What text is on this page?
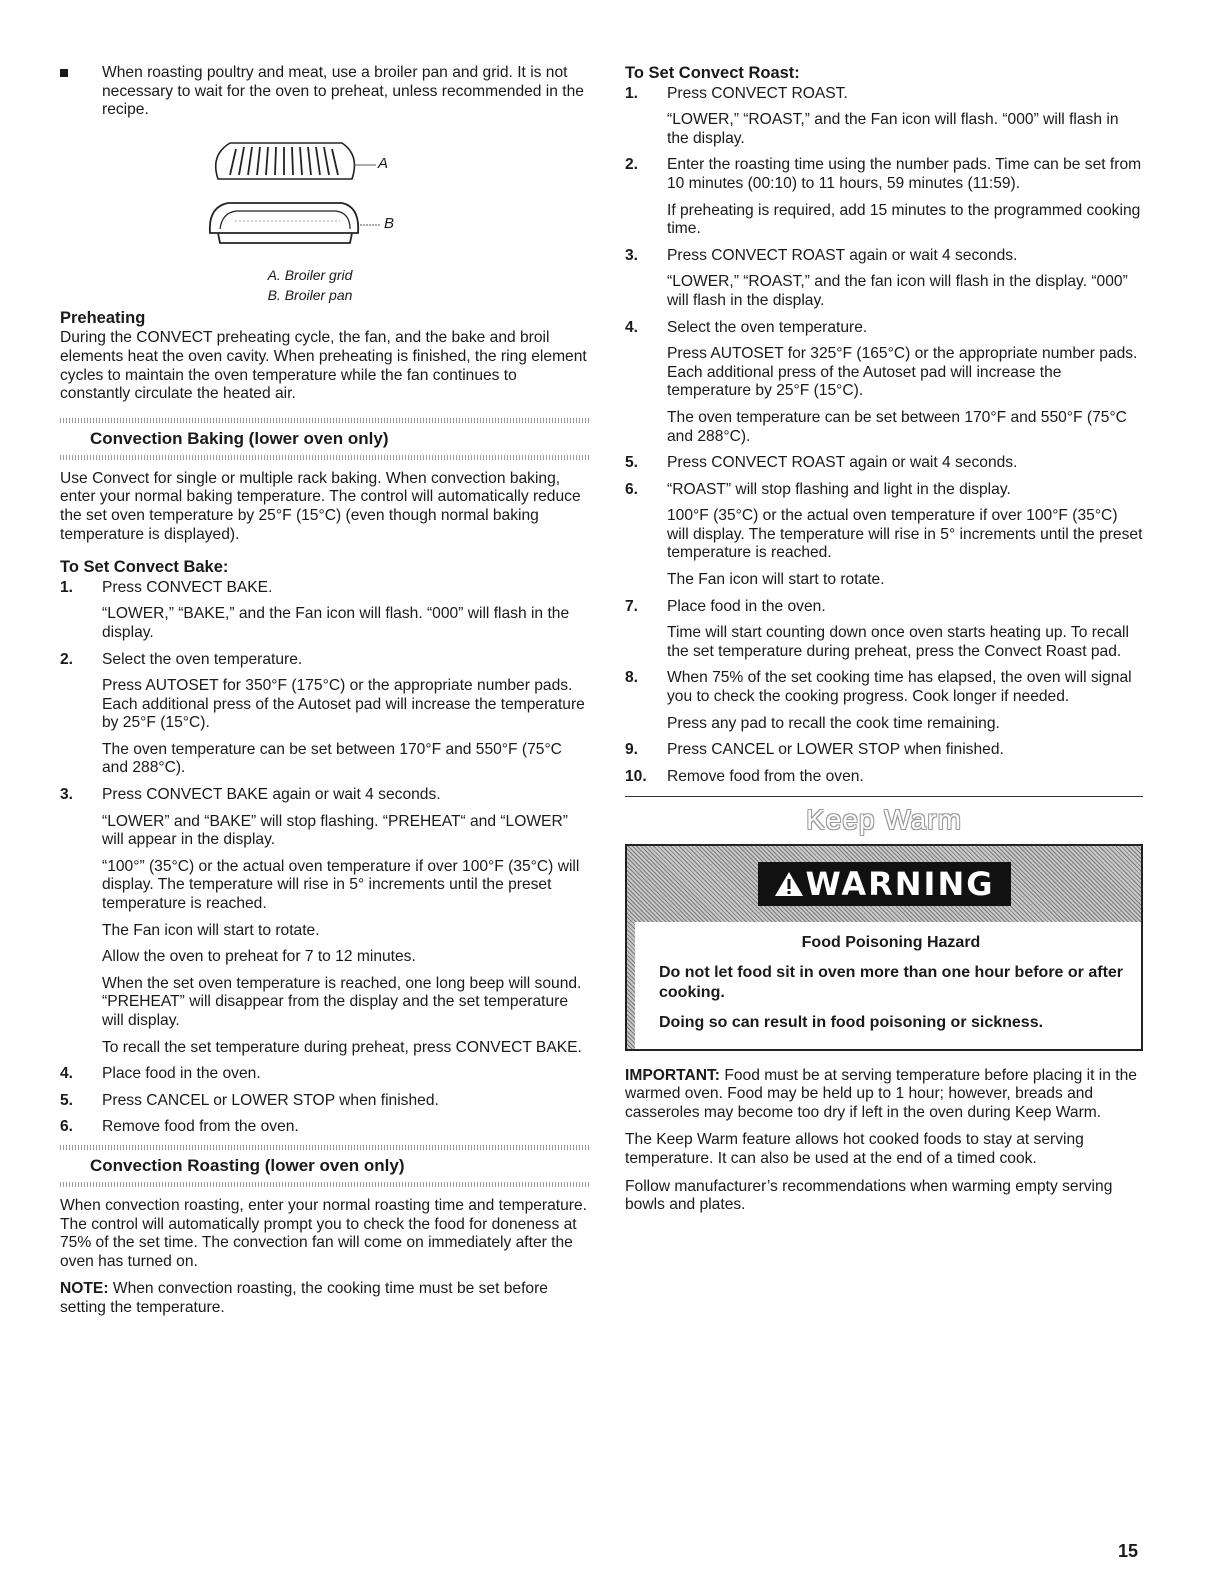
When roasting poultry and meat, use a broiler pan and grid. It is not necessary to wait for the oven to preheat, unless recommended in the recipe.

A
B

A. Broiler grid

B. Broiler pan

Preheating

During the CONVECT preheating cycle, the fan, and the bake and broil elements heat the oven cavity. When preheating is finished, the ring element cycles to maintain the oven temperature while the fan continues to constantly circulate the heated air.

Convection Baking (lower oven only)

Use Convect for single or multiple rack baking. When convection baking, enter your normal baking temperature. The control will automatically reduce the set oven temperature by 25°F (15°C) (even though normal baking temperature is displayed).

To Set Convect Bake:
1. Press CONVECT BAKE.
“LOWER,” “BAKE,” and the Fan icon will flash. “000” will flash in the display.
2. Select the oven temperature.
Press AUTOSET for 350°F (175°C) or the appropriate number pads. Each additional press of the Autoset pad will increase the temperature by 25°F (15°C).
The oven temperature can be set between 170°F and 550°F (75°C and 288°C).
3. Press CONVECT BAKE again or wait 4 seconds.
“LOWER” and “BAKE” will stop flashing. “PREHEAT“ and “LOWER” will appear in the display.
“100°” (35°C) or the actual oven temperature if over 100°F (35°C) will display. The temperature will rise in 5° increments until the preset temperature is reached.
The Fan icon will start to rotate.
Allow the oven to preheat for 7 to 12 minutes.
When the set oven temperature is reached, one long beep will sound. “PREHEAT” will disappear from the display and the set temperature will display.
To recall the set temperature during preheat, press CONVECT BAKE.
4. Place food in the oven.
5. Press CANCEL or LOWER STOP when finished.
6. Remove food from the oven.
Convection Roasting (lower oven only)

When convection roasting, enter your normal roasting time and temperature. The control will automatically prompt you to check the food for doneness at 75% of the set time. The convection fan will come on immediately after the oven has turned on.

NOTE: When convection roasting, the cooking time must be set before setting the temperature.

To Set Convect Roast:
1. Press CONVECT ROAST.
“LOWER,” “ROAST,” and the Fan icon will flash. “000” will flash in the display.
2. Enter the roasting time using the number pads. Time can be set from 10 minutes (00:10) to 11 hours, 59 minutes (11:59).
If preheating is required, add 15 minutes to the programmed cooking time.
3. Press CONVECT ROAST again or wait 4 seconds.
“LOWER,” “ROAST,” and the fan icon will flash in the display. “000” will flash in the display.
4. Select the oven temperature.
Press AUTOSET for 325°F (165°C) or the appropriate number pads. Each additional press of the Autoset pad will increase the temperature by 25°F (15°C).
The oven temperature can be set between 170°F and 550°F (75°C and 288°C).
5. Press CONVECT ROAST again or wait 4 seconds.
6. “ROAST” will stop flashing and light in the display.
100°F (35°C) or the actual oven temperature if over 100°F (35°C) will display. The temperature will rise in 5° increments until the preset temperature is reached.
The Fan icon will start to rotate.
7. Place food in the oven.
Time will start counting down once oven starts heating up. To recall the set temperature during preheat, press the Convect Roast pad.
8. When 75% of the set cooking time has elapsed, the oven will signal you to check the cooking progress. Cook longer if needed.
Press any pad to recall the cook time remaining.
9. Press CANCEL or LOWER STOP when finished.
10. Remove food from the oven.
Keep Warm
WARNING

Food Poisoning Hazard

Do not let food sit in oven more than one hour before or after cooking.

Doing so can result in food poisoning or sickness.

IMPORTANT: Food must be at serving temperature before placing it in the warmed oven. Food may be held up to 1 hour; however, breads and casseroles may become too dry if left in the oven during Keep Warm.

The Keep Warm feature allows hot cooked foods to stay at serving temperature. It can also be used at the end of a timed cook.

Follow manufacturer’s recommendations when warming empty serving bowls and plates.

15
